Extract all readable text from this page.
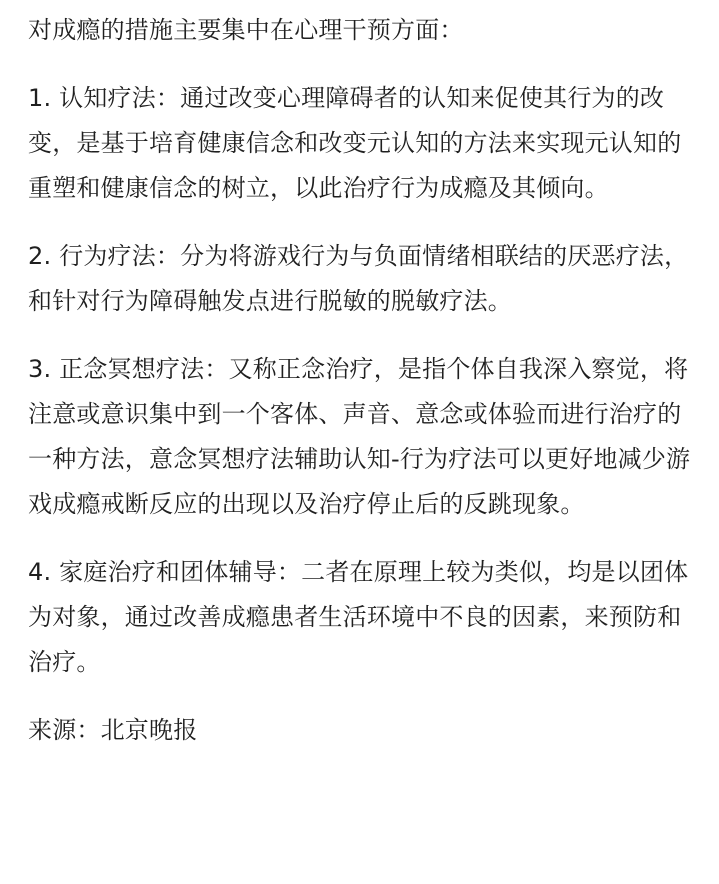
对成瘾的措施主要集中在心理干预方面：

1. 认知疗法：通过改变心理障碍者的认知来促使其行为的改变，是基于培育健康信念和改变元认知的方法来实现元认知的重塑和健康信念的树立，以此治疗行为成瘾及其倾向。

2. 行为疗法：分为将游戏行为与负面情绪相联结的厌恶疗法，和针对行为障碍触发点进行脱敏的脱敏疗法。

3. 正念冥想疗法：又称正念治疗，是指个体自我深入察觉，将注意或意识集中到一个客体、声音、意念或体验而进行治疗的一种方法，意念冥想疗法辅助认知-行为疗法可以更好地减少游戏成瘾戒断反应的出现以及治疗停止后的反跳现象。

4. 家庭治疗和团体辅导：二者在原理上较为类似，均是以团体为对象，通过改善成瘾患者生活环境中不良的因素，来预防和治疗。

来源：北京晚报
